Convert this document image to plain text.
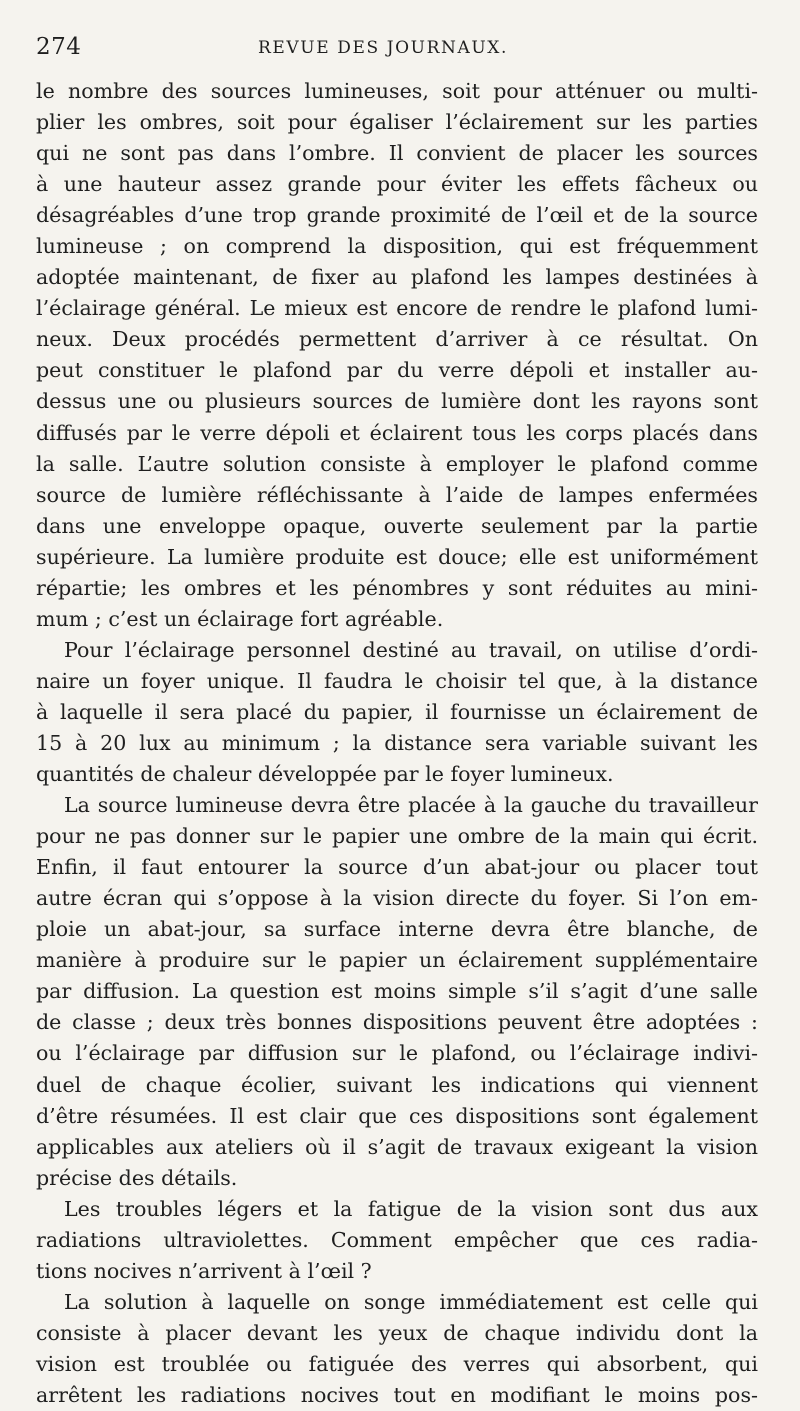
274	REVUE DES JOURNAUX.
le nombre des sources lumineuses, soit pour atténuer ou multi-
plier les ombres, soit pour égaliser l’éclairement sur les parties
qui ne sont pas dans l’ombre. Il convient de placer les sources
à une hauteur assez grande pour éviter les effets fâcheux ou
désagréables d’une trop grande proximité de l’œil et de la source
lumineuse ; on comprend la disposition, qui est fréquemment
adoptée maintenant, de fixer au plafond les lampes destinées à
l’éclairage général. Le mieux est encore de rendre le plafond lumi-
neux. Deux procédés permettent d’arriver à ce résultat. On
peut constituer le plafond par du verre dépoli et installer au-
dessus une ou plusieurs sources de lumière dont les rayons sont
diffusés par le verre dépoli et éclairent tous les corps placés dans
la salle. L’autre solution consiste à employer le plafond comme
source de lumière réfléchissante à l’aide de lampes enfermées
dans une enveloppe opaque, ouverte seulement par la partie
supérieure. La lumière produite est douce; elle est uniformément
répartie; les ombres et les pénombres y sont réduites au mini-
mum ; c’est un éclairage fort agréable.
Pour l’éclairage personnel destiné au travail, on utilise d’ordi-
naire un foyer unique. Il faudra le choisir tel que, à la distance
à laquelle il sera placé du papier, il fournisse un éclairement de
15 à 20 lux au minimum ; la distance sera variable suivant les
quantités de chaleur développée par le foyer lumineux.
La source lumineuse devra être placée à la gauche du travailleur
pour ne pas donner sur le papier une ombre de la main qui écrit.
Enfin, il faut entourer la source d’un abat-jour ou placer tout
autre écran qui s’oppose à la vision directe du foyer. Si l’on em-
ploie un abat-jour, sa surface interne devra être blanche, de
manière à produire sur le papier un éclairement supplémentaire
par diffusion. La question est moins simple s’il s’agit d’une salle
de classe ; deux très bonnes dispositions peuvent être adoptées :
ou l’éclairage par diffusion sur le plafond, ou l’éclairage indivi-
duel de chaque écolier, suivant les indications qui viennent
d’être résumées. Il est clair que ces dispositions sont également
applicables aux ateliers où il s’agit de travaux exigeant la vision
précise des détails.
Les troubles légers et la fatigue de la vision sont dus aux
radiations ultraviolettes. Comment empêcher que ces radia-
tions nocives n’arrivent à l’œil ?
La solution à laquelle on songe immédiatement est celle qui
consiste à placer devant les yeux de chaque individu dont la
vision est troublée ou fatiguée des verres qui absorbent, qui
arrêtent les radiations nocives tout en modifiant le moins pos-
